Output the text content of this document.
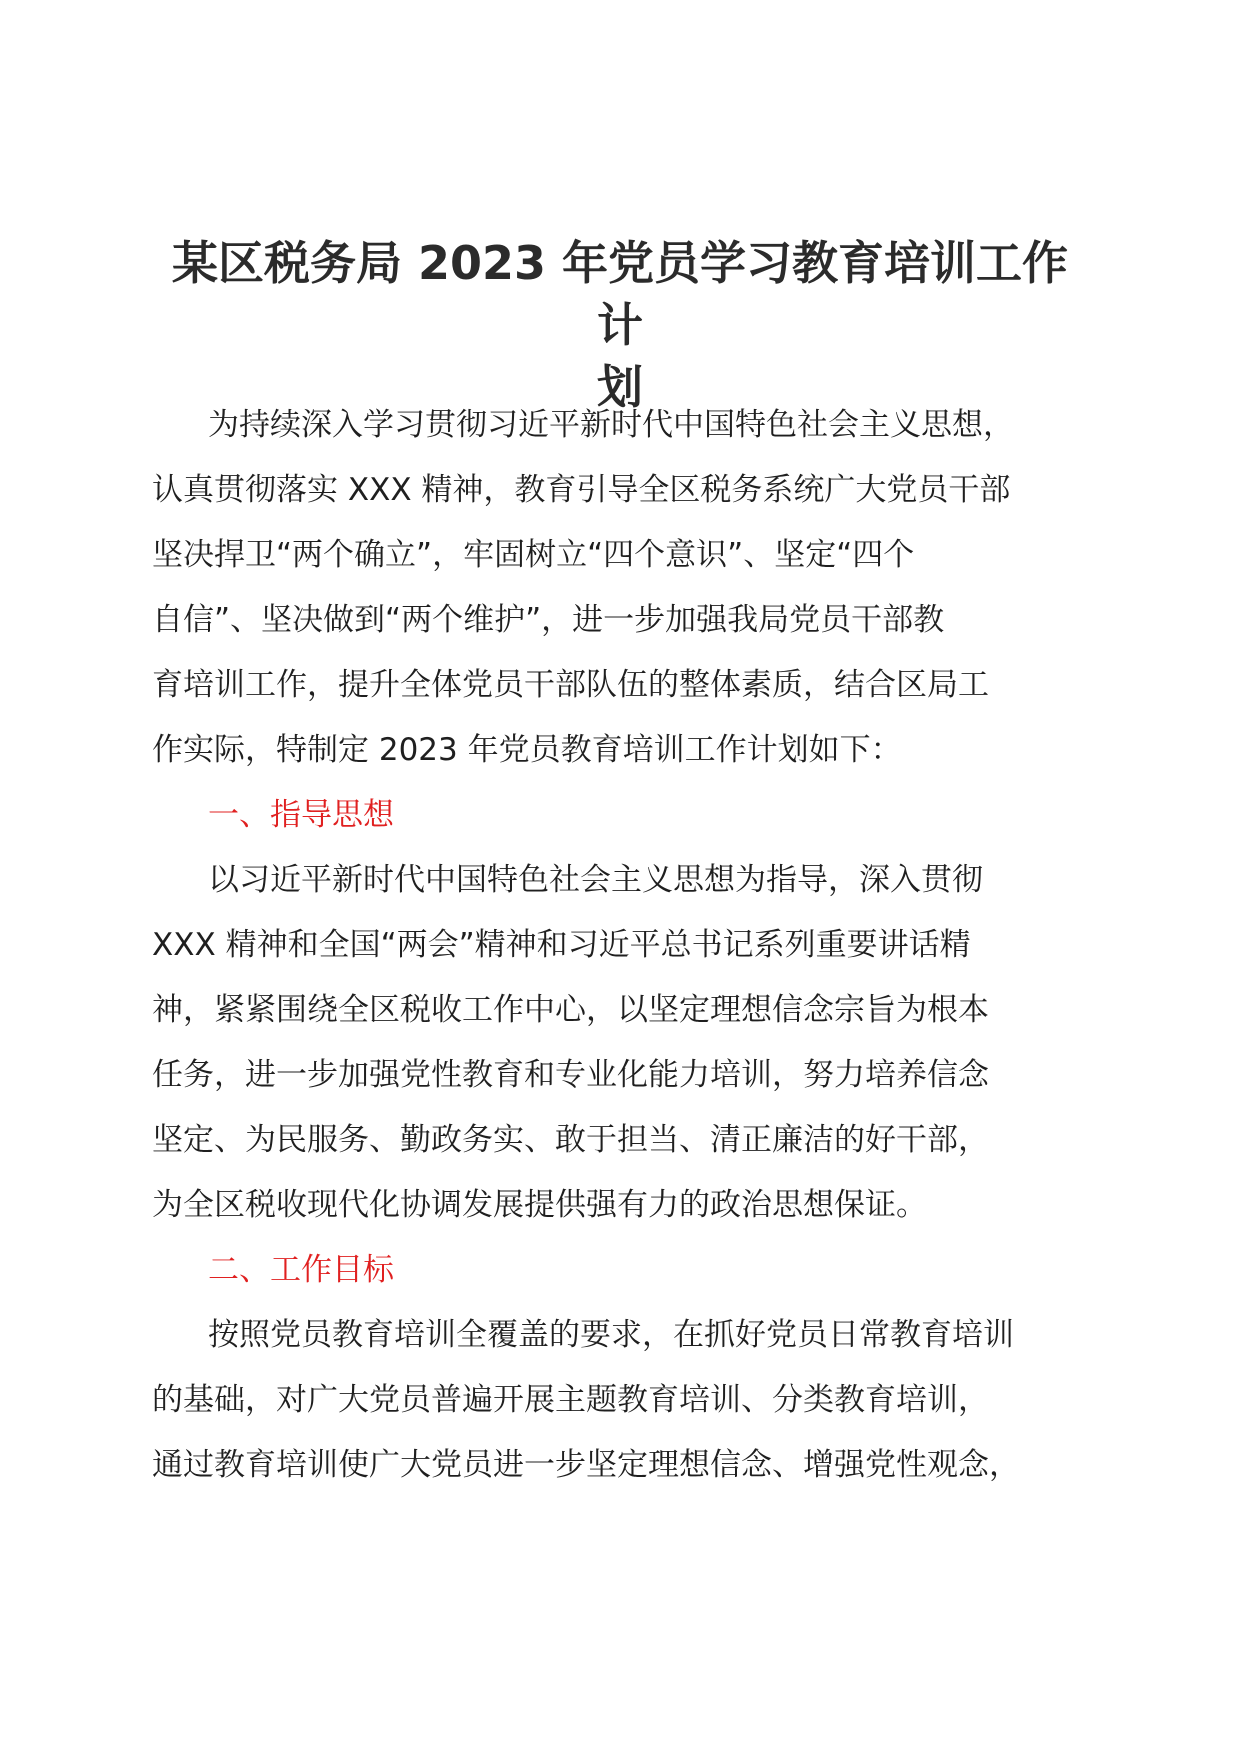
某区税务局 2023 年党员学习教育培训工作计
划

为持续深入学习贯彻习近平新时代中国特色社会主义思想，

认真贯彻落实 XXX 精神，教育引导全区税务系统广大党员干部

坚决捍卫“两个确立”，牢固树立“四个意识”、坚定“四个

自信”、坚决做到“两个维护”，进一步加强我局党员干部教

育培训工作，提升全体党员干部队伍的整体素质，结合区局工

作实际，特制定 2023 年党员教育培训工作计划如下：

一、指导思想

以习近平新时代中国特色社会主义思想为指导，深入贯彻

XXX 精神和全国“两会”精神和习近平总书记系列重要讲话精

神，紧紧围绕全区税收工作中心，以坚定理想信念宗旨为根本

任务，进一步加强党性教育和专业化能力培训，努力培养信念

坚定、为民服务、勤政务实、敢于担当、清正廉洁的好干部，

为全区税收现代化协调发展提供强有力的政治思想保证。

二、工作目标

按照党员教育培训全覆盖的要求，在抓好党员日常教育培训

的基础，对广大党员普遍开展主题教育培训、分类教育培训，

通过教育培训使广大党员进一步坚定理想信念、增强党性观念，
